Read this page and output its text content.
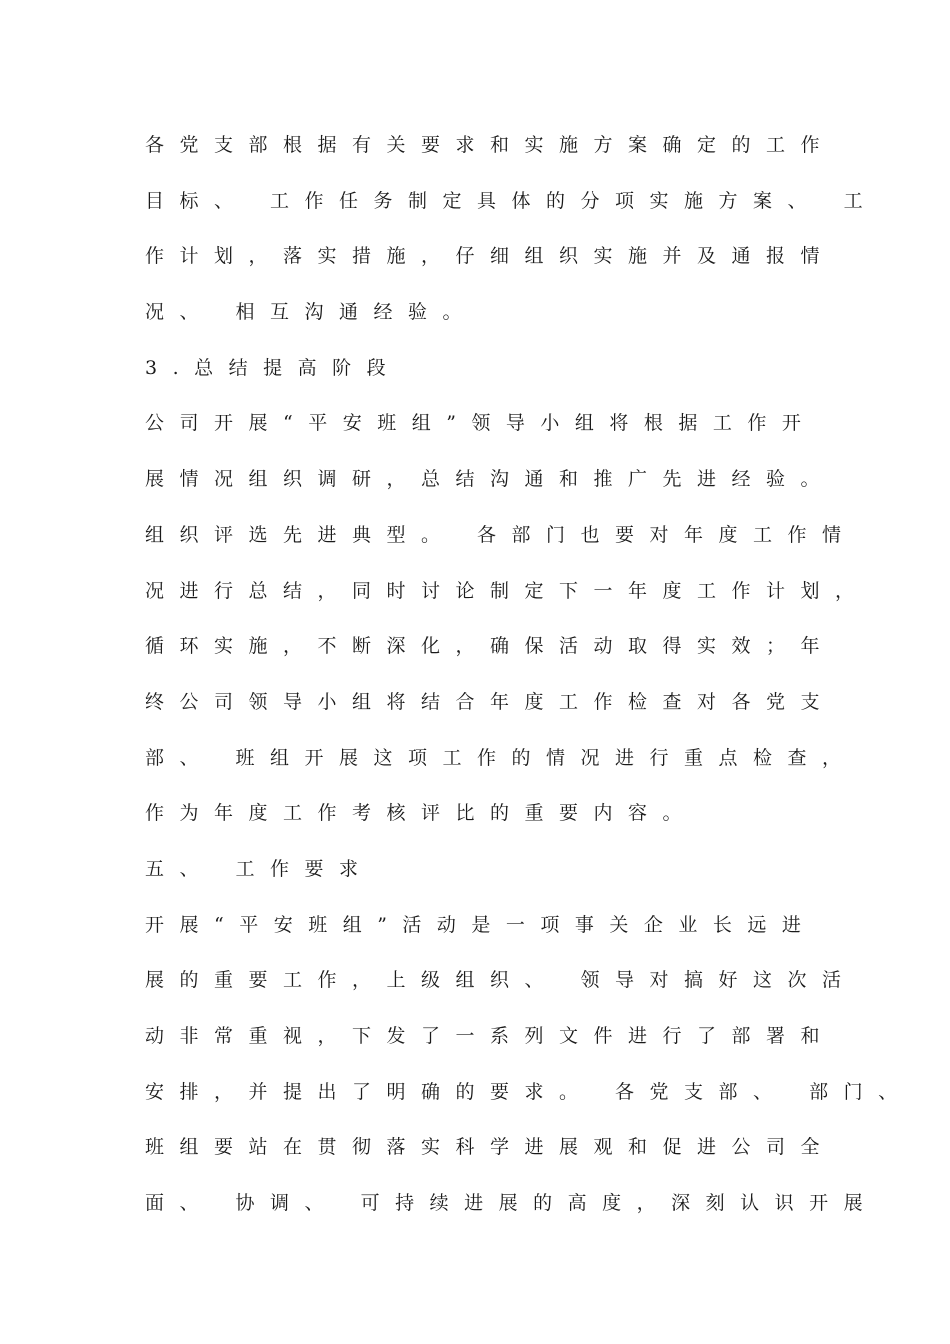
各党支部根据有关要求和实施方案确定的工作
目标、 工作任务制定具体的分项实施方案、 工
作计划，落实措施，仔细组织实施并及通报情
况、 相互沟通经验。
3.总结提高阶段
公司开展“平安班组”领导小组将根据工作开
展情况组织调研，总结沟通和推广先进经验。
组织评选先进典型。 各部门也要对年度工作情
况进行总结，同时讨论制定下一年度工作计划，
循环实施，不断深化，确保活动取得实效；年
终公司领导小组将结合年度工作检查对各党支
部、 班组开展这项工作的情况进行重点检查，
作为年度工作考核评比的重要内容。
五、 工作要求
开展“平安班组”活动是一项事关企业长远进
展的重要工作，上级组织、 领导对搞好这次活
动非常重视，下发了一系列文件进行了部署和
安排，并提出了明确的要求。 各党支部、 部门、
班组要站在贯彻落实科学进展观和促进公司全
面、 协调、 可持续进展的高度，深刻认识开展
